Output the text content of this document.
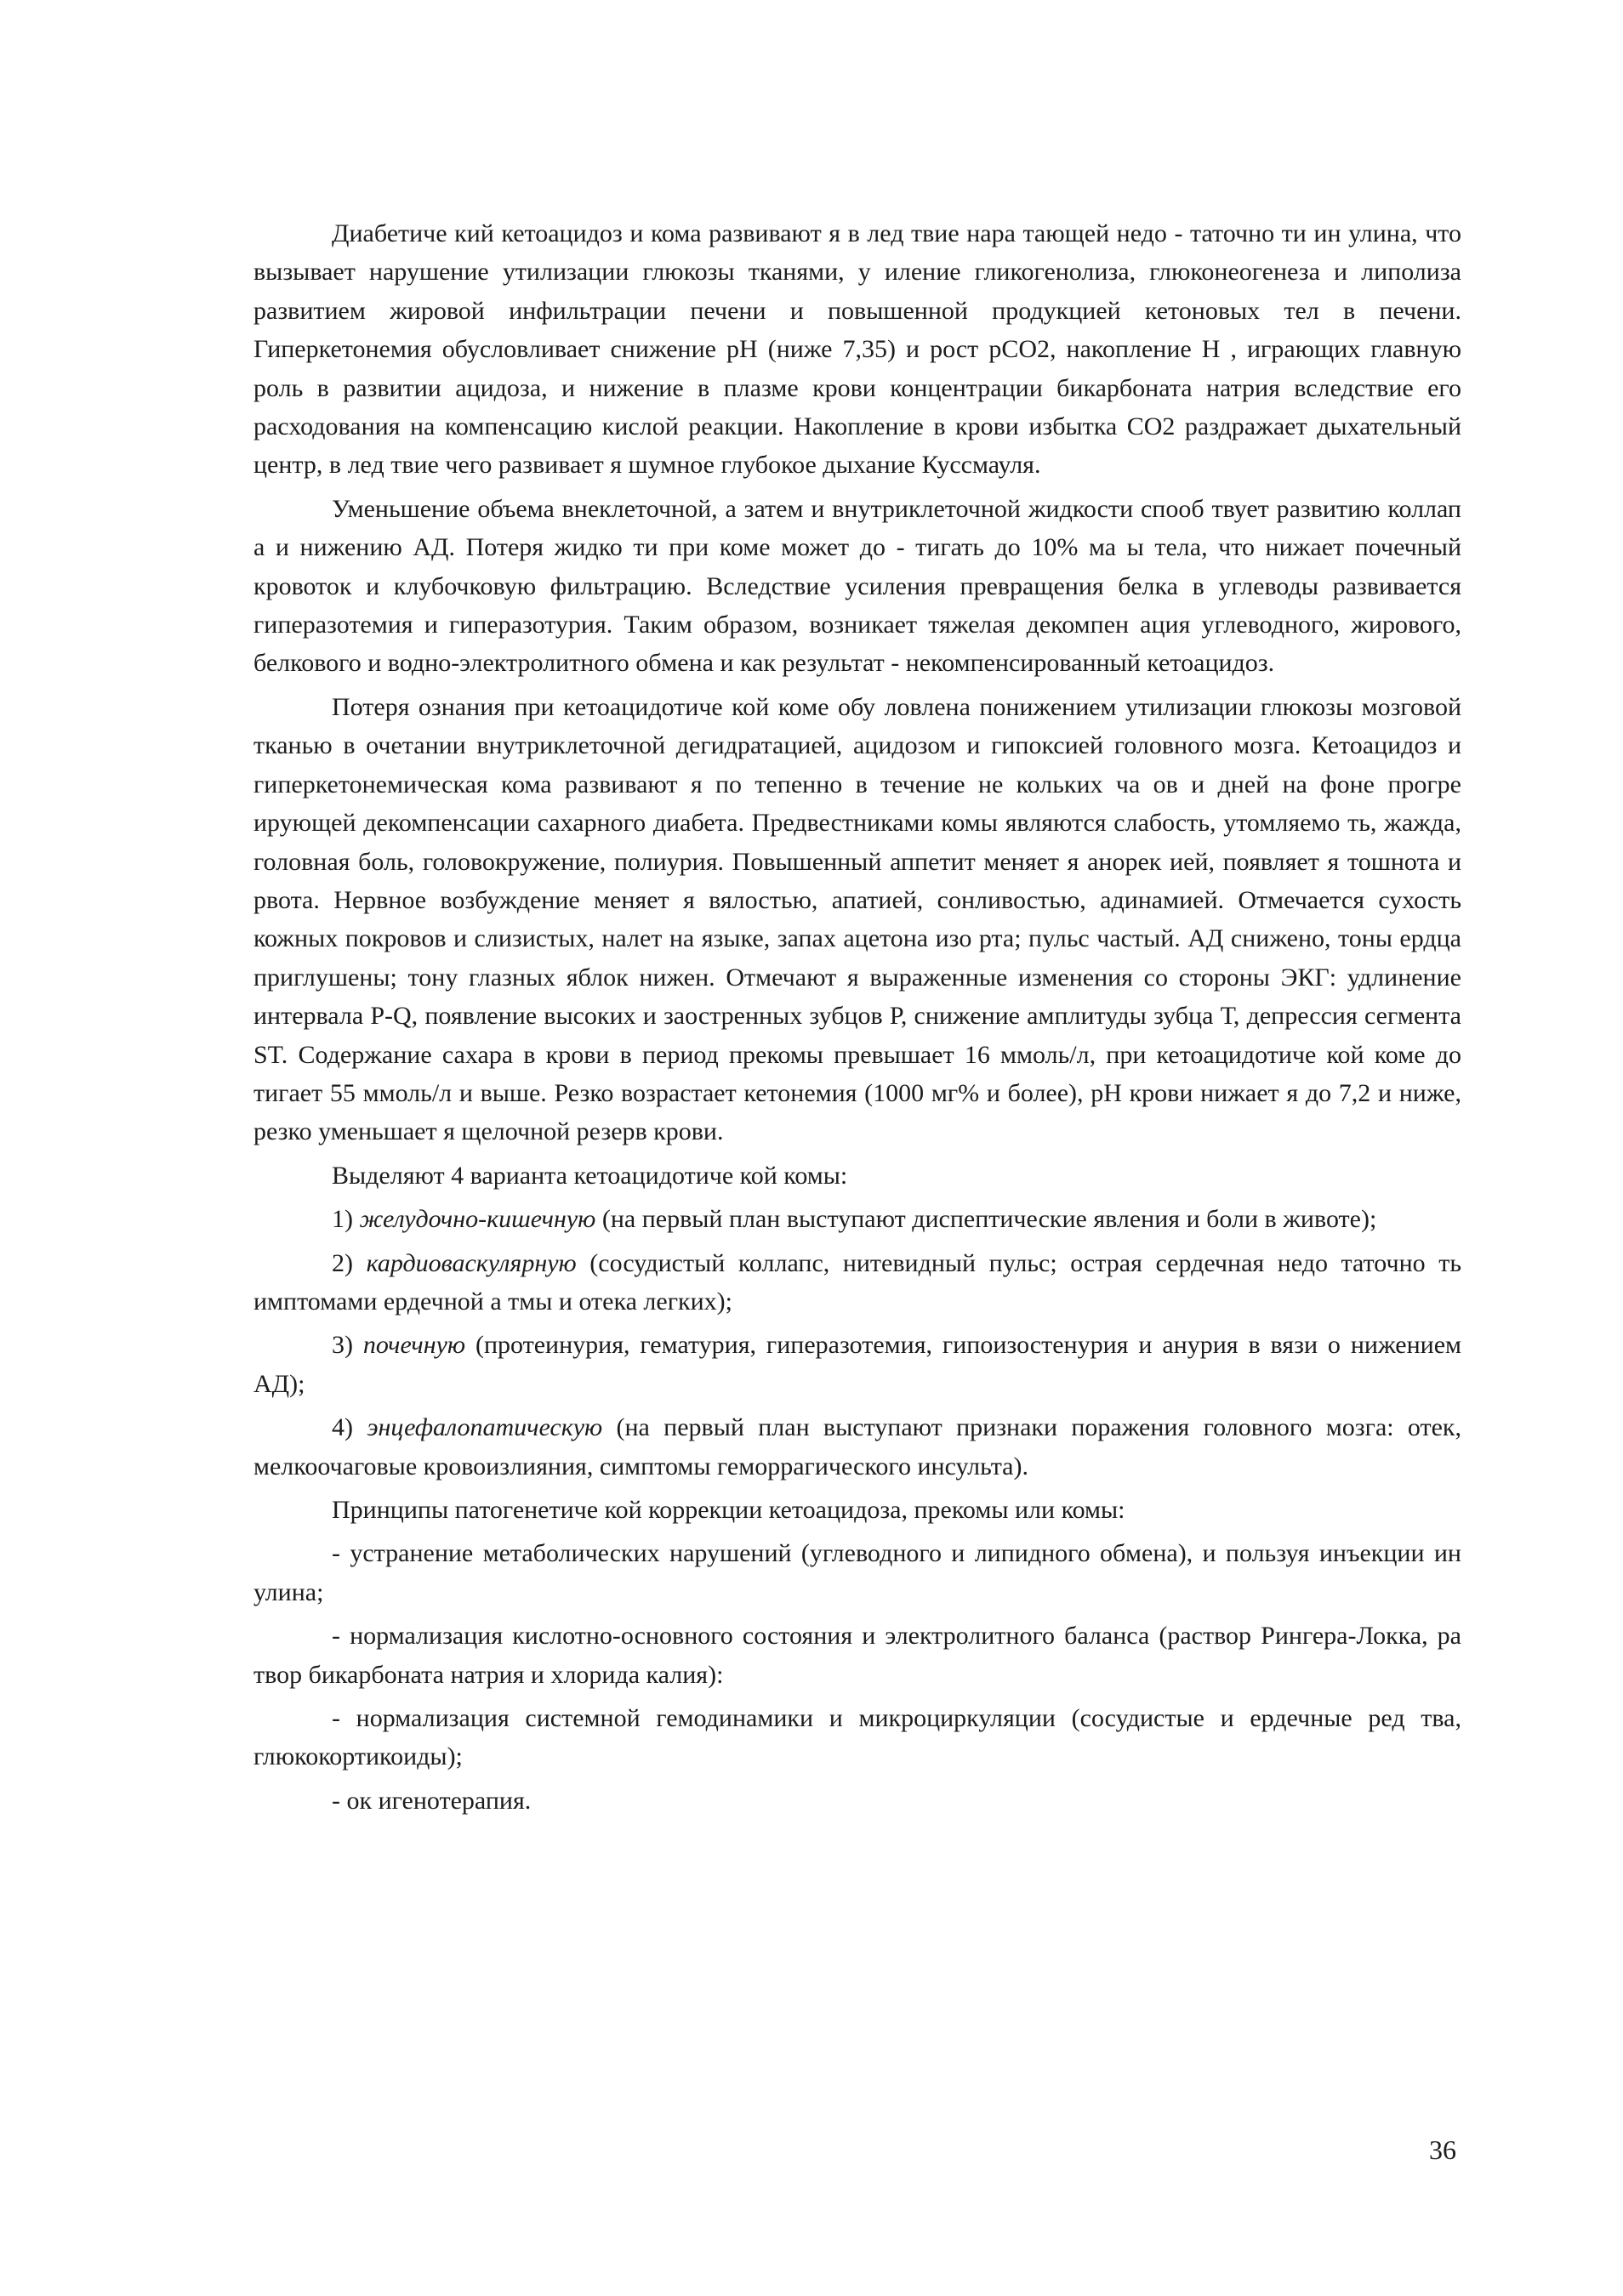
Диабетиче кий кетоацидоз и кома развивают я в лед твие нара тающей недо - таточно ти ин улина, что вызывает нарушение утилизации глюкозы тканями, у иление гликогенолиза, глюконеогенеза и липолиза развитием жировой инфильтрации печени и повышенной продукцией кетоновых тел в печени. Гиперкетонемия обусловливает снижение рН (ниже 7,35) и рост рСО2, накопление Н , играющих главную роль в развитии ацидоза, и нижение в плазме крови концентрации бикарбоната натрия вследствие его расходования на компенсацию кислой реакции. Накопление в крови избытка СО2 раздражает дыхательный центр, в лед твие чего развивает я шумное глубокое дыхание Куссмауля.

Уменьшение объема внеклеточной, а затем и внутриклеточной жидкости спооб твует развитию коллап а и нижению АД. Потеря жидко ти при коме может до - тигать до 10% ма ы тела, что нижает почечный кровоток и клубочковую фильтрацию. Вследствие усиления превращения белка в углеводы развивается гиперазотемия и гиперазотурия. Таким образом, возникает тяжелая декомпен ация углеводного, жирового, белкового и водно-электролитного обмена и как результат - некомпенсированный кетоацидоз.

Потеря ознания при кетоацидотиче кой коме обу ловлена понижением утилизации глюкозы мозговой тканью в очетании внутриклеточной дегидратацией, ацидозом и гипоксией головного мозга. Кетоацидоз и гиперкетонемическая кома развивают я по тепенно в течение не кольких ча ов и дней на фоне прогре ирующей декомпенсации сахарного диабета. Предвестниками комы являются слабость, утомляемо ть, жажда, головная боль, головокружение, полиурия. Повышенный аппетит меняет я анорек ией, появляет я тошнота и рвота. Нервное возбуждение меняет я вялостью, апатией, сонливостью, адинамией. Отмечается сухость кожных покровов и слизистых, налет на языке, запах ацетона изо рта; пульс частый. АД снижено, тоны ердца приглушены; тону глазных яблок нижен. Отмечают я выраженные изменения со стороны ЭКГ: удлинение интервала P-Q, появление высоких и заостренных зубцов Р, снижение амплитуды зубца Т, депрессия сегмента ST. Содержание сахара в крови в период прекомы превышает 16 ммоль/л, при кетоацидотиче кой коме до тигает 55 ммоль/л и выше. Резко возрастает кетонемия (1000 мг% и более), рН крови нижает я до 7,2 и ниже, резко уменьшает я щелочной резерв крови.

Выделяют 4 варианта кетоацидотиче кой комы:

1) желудочно-кишечную (на первый план выступают диспептические явления и боли в животе);

2) кардиоваскулярную (сосудистый коллапс, нитевидный пульс; острая сердечная недо таточно ть имптомами ердечной а тмы и отека легких);

3) почечную (протеинурия, гематурия, гиперазотемия, гипоизостенурия и анурия в вязи о нижением АД);

4) энцефалопатическую (на первый план выступают признаки поражения головного мозга: отек, мелкоочаговые кровоизлияния, симптомы геморрагического инсульта).

Принципы патогенетиче кой коррекции кетоацидоза, прекомы или комы:

- устранение метаболических нарушений (углеводного и липидного обмена), и пользуя инъекции ин улина;

- нормализация кислотно-основного состояния и электролитного баланса (раствор Рингера-Локка, ра твор бикарбоната натрия и хлорида калия):

- нормализация системной гемодинамики и микроциркуляции (сосудистые и ердечные ред тва, глюкокортикоиды);

- ок игенотерапия.

36
